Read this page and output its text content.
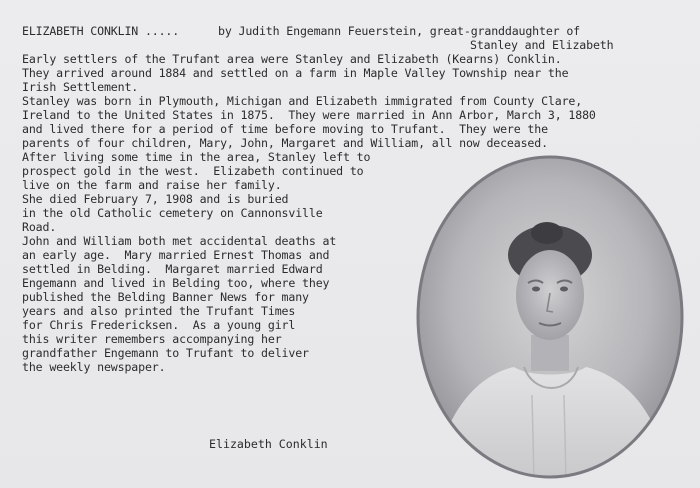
ELIZABETH CONKLIN .....	by Judith Engemann Feuerstein, great-granddaughter of
Stanley and Elizabeth
Early settlers of the Trufant area were Stanley and Elizabeth (Kearns) Conklin.
They arrived around 1884 and settled on a farm in Maple Valley Township near the
Irish Settlement.
Stanley was born in Plymouth, Michigan and Elizabeth immigrated from County Clare,
Ireland to the United States in 1875.  They were married in Ann Arbor, March 3, 1880
and lived there for a period of time before moving to Trufant.  They were the
parents of four children, Mary, John, Margaret and William, all now deceased.
After living some time in the area, Stanley left to
prospect gold in the west.  Elizabeth continued to
live on the farm and raise her family.
She died February 7, 1908 and is buried
in the old Catholic cemetery on Cannonsville
Road.
John and William both met accidental deaths at
an early age.  Mary married Ernest Thomas and
settled in Belding.  Margaret married Edward
Engemann and lived in Belding too, where they
published the Belding Banner News for many
years and also printed the Trufant Times
for Chris Fredericksen.  As a young girl
this writer remembers accompanying her
grandfather Engemann to Trufant to deliver
the weekly newspaper.
Elizabeth Conklin
